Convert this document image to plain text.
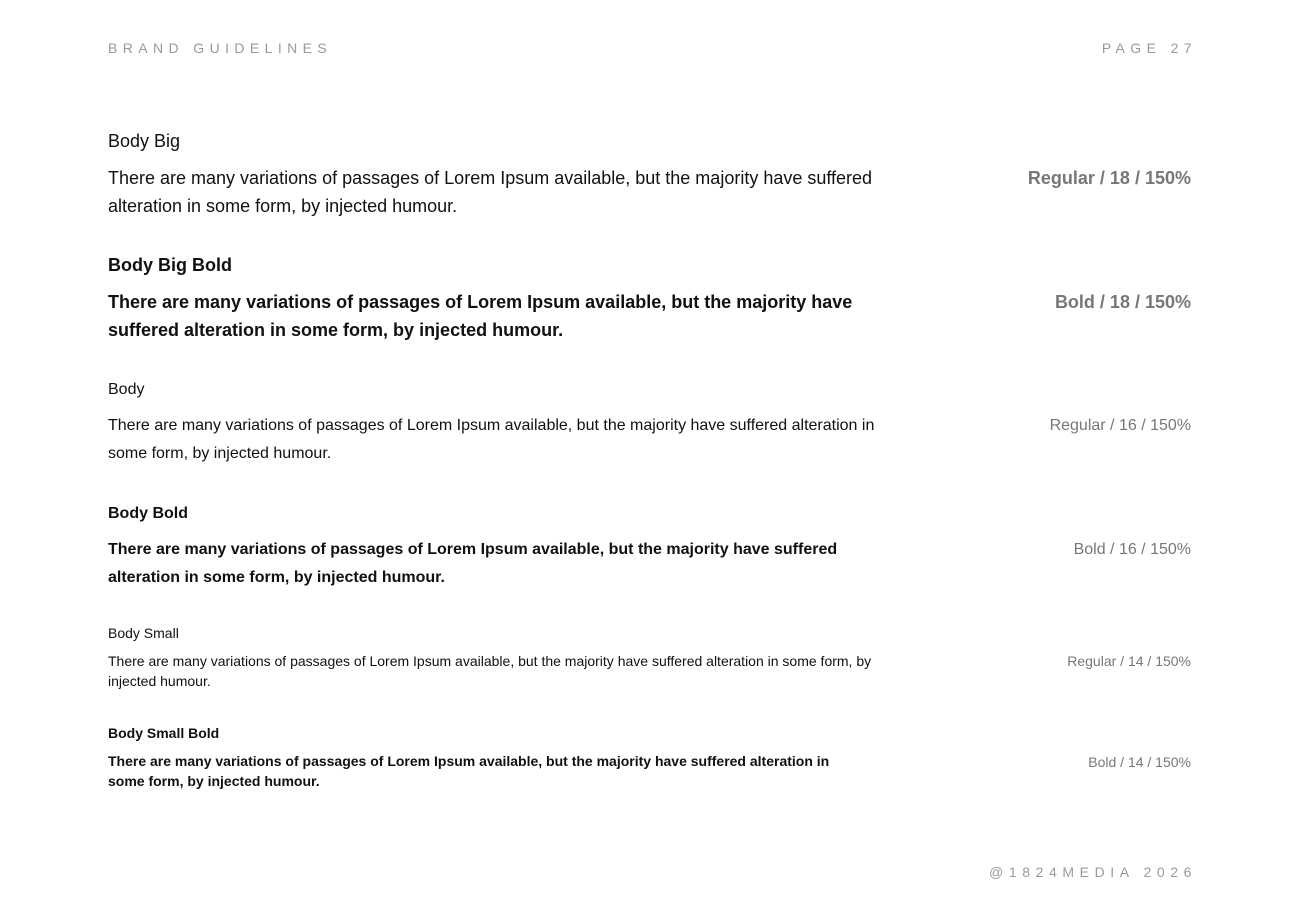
BRAND GUIDELINES	PAGE 27
Body Big
There are many variations of passages of Lorem Ipsum available, but the majority have suffered alteration in some form, by injected humour.
Regular / 18 / 150%
Body Big Bold
There are many variations of passages of Lorem Ipsum available, but the majority have suffered alteration in some form, by injected humour.
Bold / 18 / 150%
Body
There are many variations of passages of Lorem Ipsum available, but the majority have suffered alteration in some form, by injected humour.
Regular / 16 / 150%
Body Bold
There are many variations of passages of Lorem Ipsum available, but the majority have suffered alteration in some form, by injected humour.
Bold / 16 / 150%
Body Small
There are many variations of passages of Lorem Ipsum available, but the majority have suffered alteration in some form, by injected humour.
Regular / 14 / 150%
Body Small Bold
There are many variations of passages of Lorem Ipsum available, but the majority have suffered alteration in some form, by injected humour.
Bold / 14 / 150%
@1824MEDIA 2026
